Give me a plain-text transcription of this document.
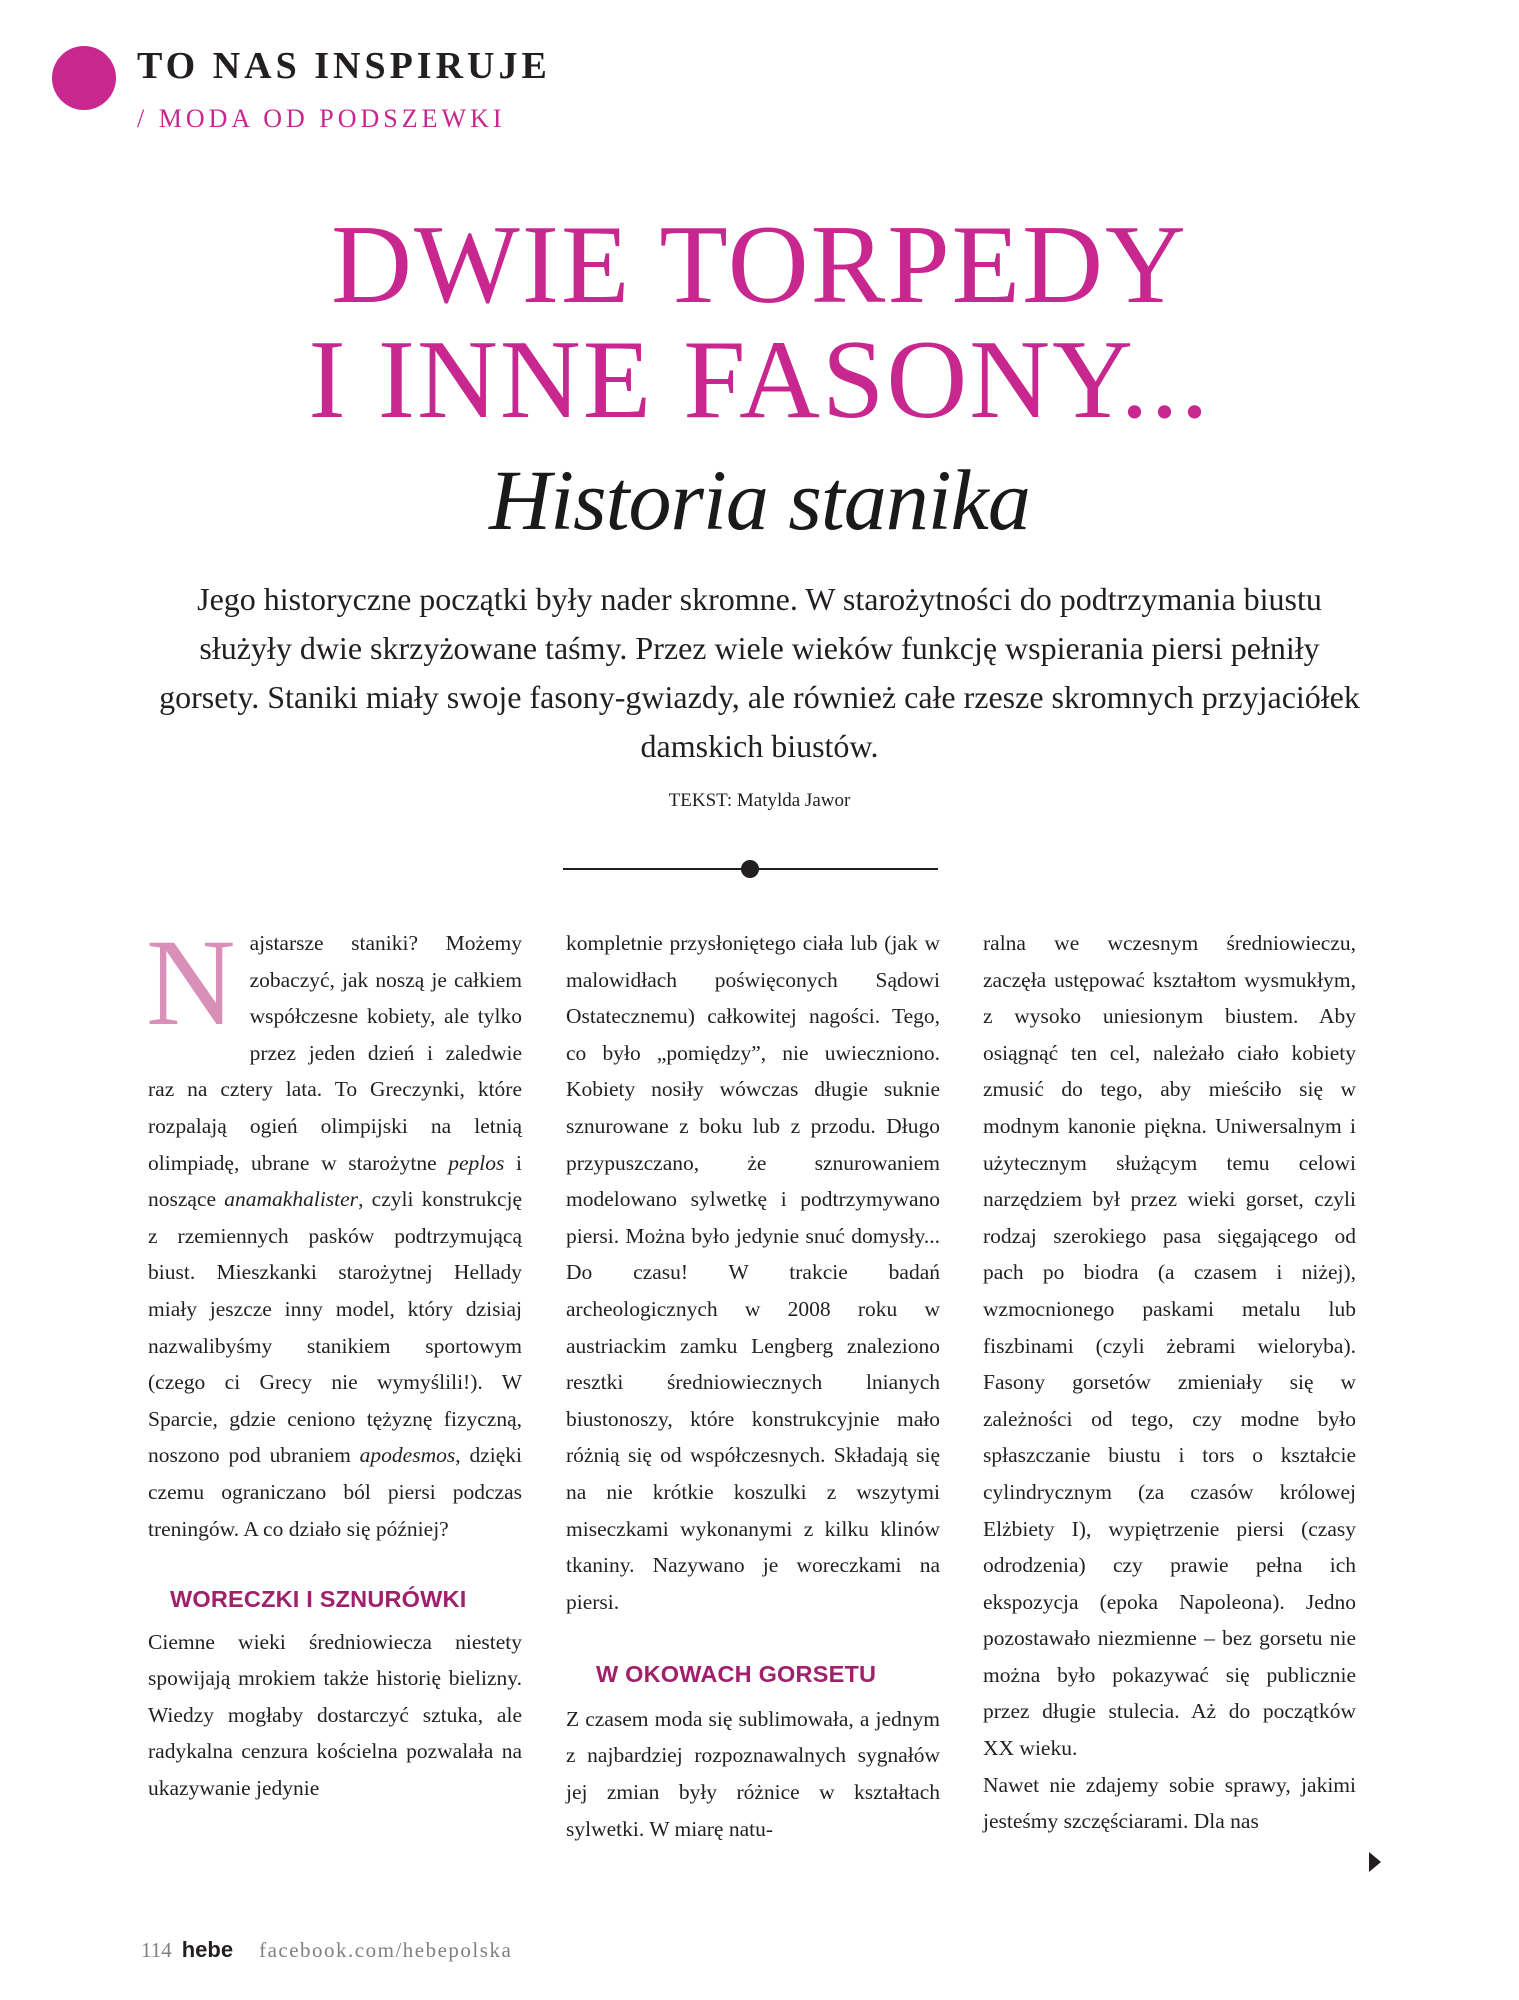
TO NAS INSPIRUJE
/ MODA OD PODSZEWKI
DWIE TORPEDY
I INNE FASONY...
Historia stanika
Jego historyczne początki były nader skromne. W starożytności do podtrzymania biustu służyły dwie skrzyżowane taśmy. Przez wiele wieków funkcję wspierania piersi pełniły gorsety. Staniki miały swoje fasony-gwiazdy, ale również całe rzesze skromnych przyjaciółek damskich biustów.
TEKST: Matylda Jawor

Najstarsze staniki? Możemy zobaczyć, jak noszą je całkiem współczesne kobiety, ale tylko przez jeden dzień i zaledwie raz na cztery lata. To Greczynki, które rozpalają ogień olimpijski na letnią olimpiadę, ubrane w starożytne peplos i noszące anamakhalister, czyli konstrukcję z rzemiennych pasków podtrzymującą biust. Mieszkanki starożytnej Hellady miały jeszcze inny model, który dzisiaj nazwalibyśmy stanikiem sportowym (czego ci Grecy nie wymyślili!). W Sparcie, gdzie ceniono tężyznę fizyczną, noszono pod ubraniem apodesmos, dzięki czemu ograniczano ból piersi podczas treningów. A co działo się później?

WORECZKI I SZNURÓWKI

Ciemne wieki średniowiecza niestety spowijają mrokiem także historię bielizny. Wiedzy mogłaby dostarczyć sztuka, ale radykalna cenzura kościelna pozwalała na ukazywanie jedynie

kompletnie przysłoniętego ciała lub (jak w malowidłach poświęconych Sądowi Ostatecznemu) całkowitej nagości. Tego, co było „pomiędzy”, nie uwieczniono. Kobiety nosiły wówczas długie suknie sznurowane z boku lub z przodu. Długo przypuszczano, że sznurowaniem modelowano sylwetkę i podtrzymywano piersi. Można było jedynie snuć domysły... Do czasu! W trakcie badań archeologicznych w 2008 roku w austriackim zamku Lengberg znaleziono resztki średniowiecznych lnianych biustonoszy, które konstrukcyjnie mało różnią się od współczesnych. Składają się na nie krótkie koszulki z wszytymi miseczkami wykonanymi z kilku klinów tkaniny. Nazywano je woreczkami na piersi.

W OKOWACH GORSETU

Z czasem moda się sublimowała, a jednym z najbardziej rozpoznawalnych sygnałów jej zmian były różnice w kształtach sylwetki. W miarę natu-

ralna we wczesnym średniowieczu, zaczęła ustępować kształtom wysmukłym, z wysoko uniesionym biustem. Aby osiągnąć ten cel, należało ciało kobiety zmusić do tego, aby mieściło się w modnym kanonie piękna. Uniwersalnym i użytecznym służącym temu celowi narzędziem był przez wieki gorset, czyli rodzaj szerokiego pasa sięgającego od pach po biodra (a czasem i niżej), wzmocnionego paskami metalu lub fiszbinami (czyli żebrami wieloryba). Fasony gorsetów zmieniały się w zależności od tego, czy modne było spłaszczanie biustu i tors o kształcie cylindrycznym (za czasów królowej Elżbiety I), wypiętrzenie piersi (czasy odrodzenia) czy prawie pełna ich ekspozycja (epoka Napoleona). Jedno pozostawało niezmienne – bez gorsetu nie można było pokazywać się publicznie przez długie stulecia. Aż do początków XX wieku.

Nawet nie zdajemy sobie sprawy, jakimi jesteśmy szczęściarami. Dla nas

114 hebe facebook.com/hebepolska
